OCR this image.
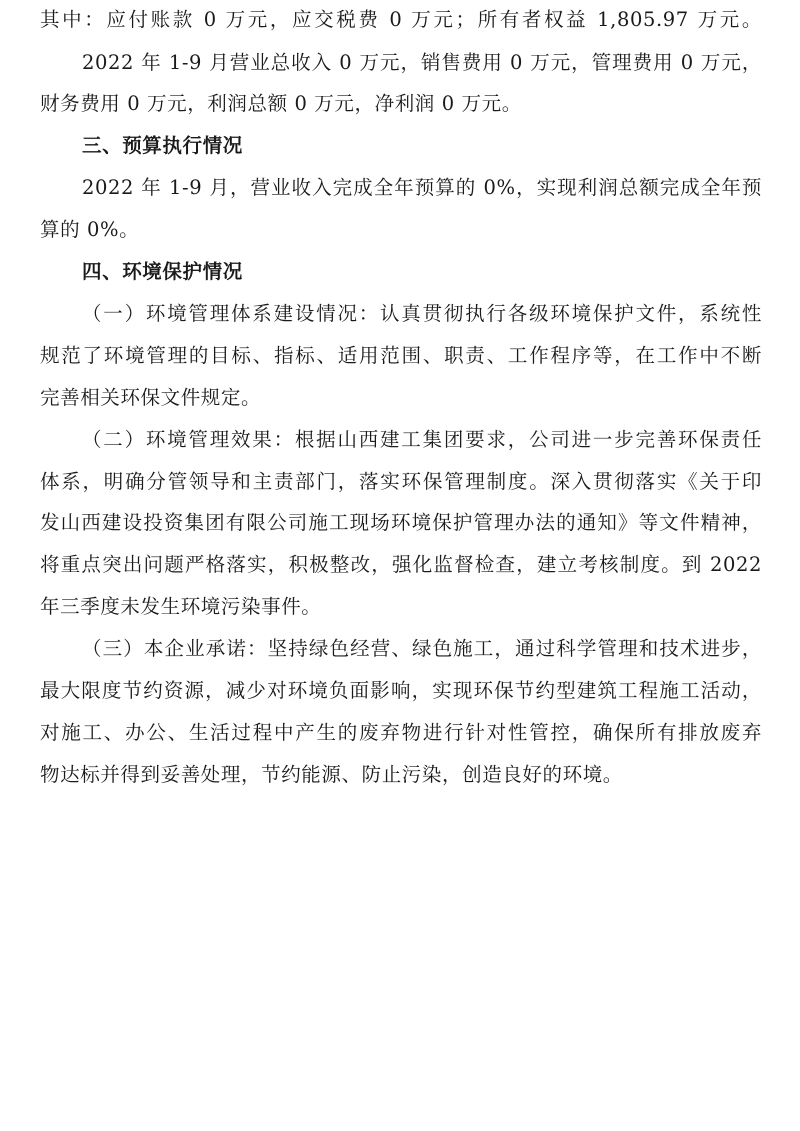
其中：应付账款 0 万元，应交税费 0 万元；所有者权益 1,805.97 万元。
2022 年 1-9 月营业总收入 0 万元，销售费用 0 万元，管理费用 0 万元，
财务费用 0 万元，利润总额 0 万元，净利润 0 万元。
三、预算执行情况
2022 年 1-9 月，营业收入完成全年预算的 0%，实现利润总额完成全年预
算的 0%。
四、环境保护情况
（一）环境管理体系建设情况：认真贯彻执行各级环境保护文件，系统性
规范了环境管理的目标、指标、适用范围、职责、工作程序等，在工作中不断
完善相关环保文件规定。
（二）环境管理效果：根据山西建工集团要求，公司进一步完善环保责任
体系，明确分管领导和主责部门，落实环保管理制度。深入贯彻落实《关于印
发山西建设投资集团有限公司施工现场环境保护管理办法的通知》等文件精神，
将重点突出问题严格落实，积极整改，强化监督检查，建立考核制度。到 2022
年三季度未发生环境污染事件。
（三）本企业承诺：坚持绿色经营、绿色施工，通过科学管理和技术进步，
最大限度节约资源，减少对环境负面影响，实现环保节约型建筑工程施工活动，
对施工、办公、生活过程中产生的废弃物进行针对性管控，确保所有排放废弃
物达标并得到妥善处理，节约能源、防止污染，创造良好的环境。
